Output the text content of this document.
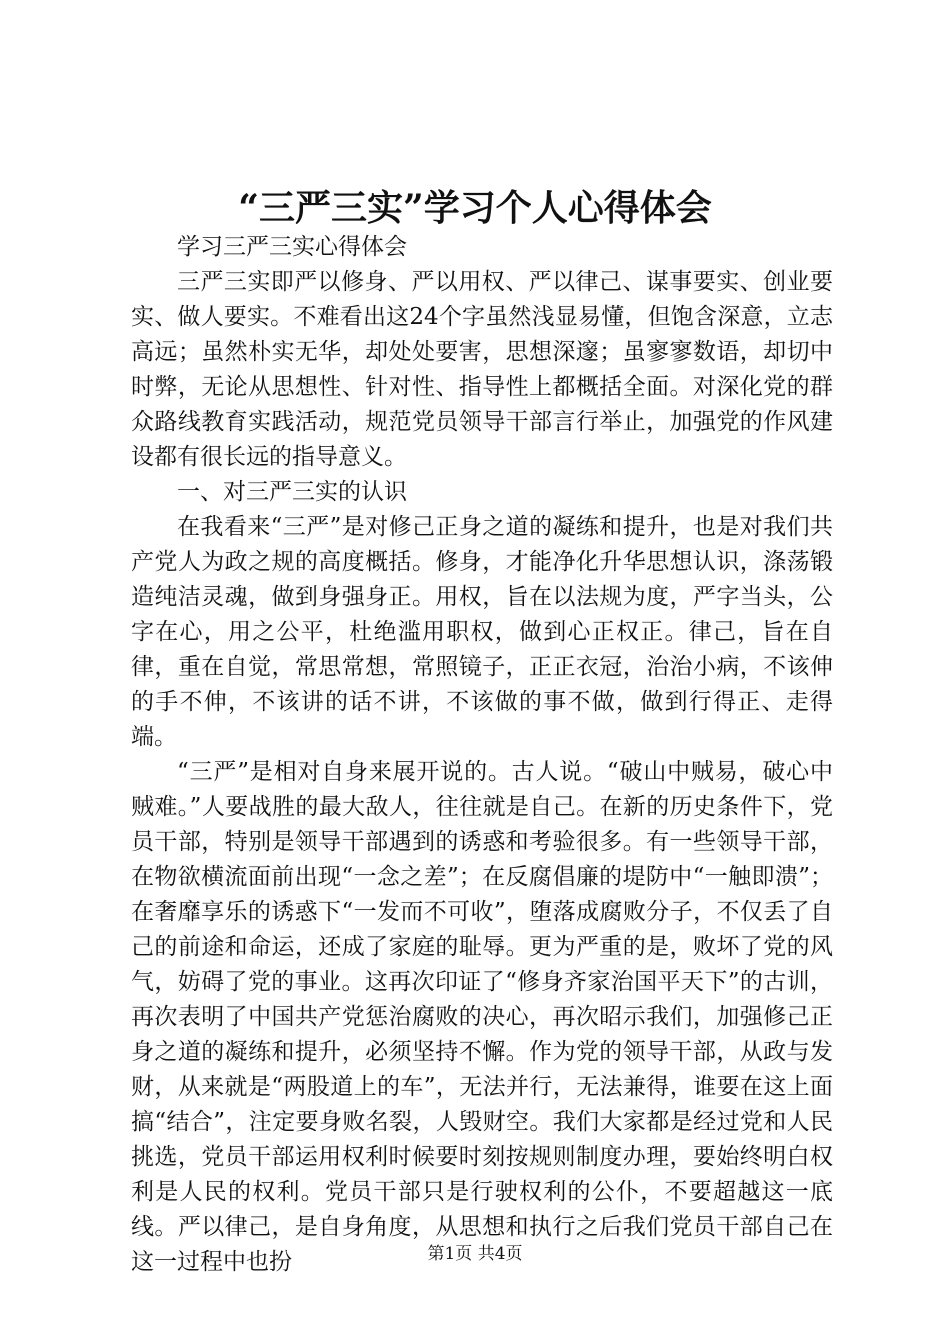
“三严三实”学习个人心得体会

学习三严三实心得体会

三严三实即严以修身、严以用权、严以律己、谋事要实、创业要实、做人要实。不难看出这24个字虽然浅显易懂，但饱含深意，立志高远；虽然朴实无华，却处处要害，思想深邃；虽寥寥数语，却切中时弊，无论从思想性、针对性、指导性上都概括全面。对深化党的群众路线教育实践活动，规范党员领导干部言行举止，加强党的作风建设都有很长远的指导意义。

一、对三严三实的认识

在我看来“三严”是对修己正身之道的凝练和提升，也是对我们共产党人为政之规的高度概括。修身，才能净化升华思想认识，涤荡锻造纯洁灵魂，做到身强身正。用权，旨在以法规为度，严字当头，公字在心，用之公平，杜绝滥用职权，做到心正权正。律己，旨在自律，重在自觉，常思常想，常照镜子，正正衣冠，治治小病，不该伸的手不伸，不该讲的话不讲，不该做的事不做，做到行得正、走得端。

“三严”是相对自身来展开说的。古人说。“破山中贼易，破心中贼难。”人要战胜的最大敌人，往往就是自己。在新的历史条件下，党员干部，特别是领导干部遇到的诱惑和考验很多。有一些领导干部，在物欲横流面前出现“一念之差”；在反腐倡廉的堤防中“一触即溃”；在奢靡享乐的诱惑下“一发而不可收”，堕落成腐败分子，不仅丢了自己的前途和命运，还成了家庭的耻辱。更为严重的是，败坏了党的风气，妨碍了党的事业。这再次印证了“修身齐家治国平天下”的古训，再次表明了中国共产党惩治腐败的决心，再次昭示我们，加强修己正身之道的凝练和提升，必须坚持不懈。作为党的领导干部，从政与发财，从来就是“两股道上的车”，无法并行，无法兼得，谁要在这上面搞“结合”，注定要身败名裂，人毁财空。我们大家都是经过党和人民挑选，党员干部运用权利时候要时刻按规则制度办理，要始终明白权利是人民的权利。党员干部只是行驶权利的公仆，不要超越这一底线。严以律己，是自身角度，从思想和执行之后我们党员干部自己在这一过程中也扮	第1页 共4页
